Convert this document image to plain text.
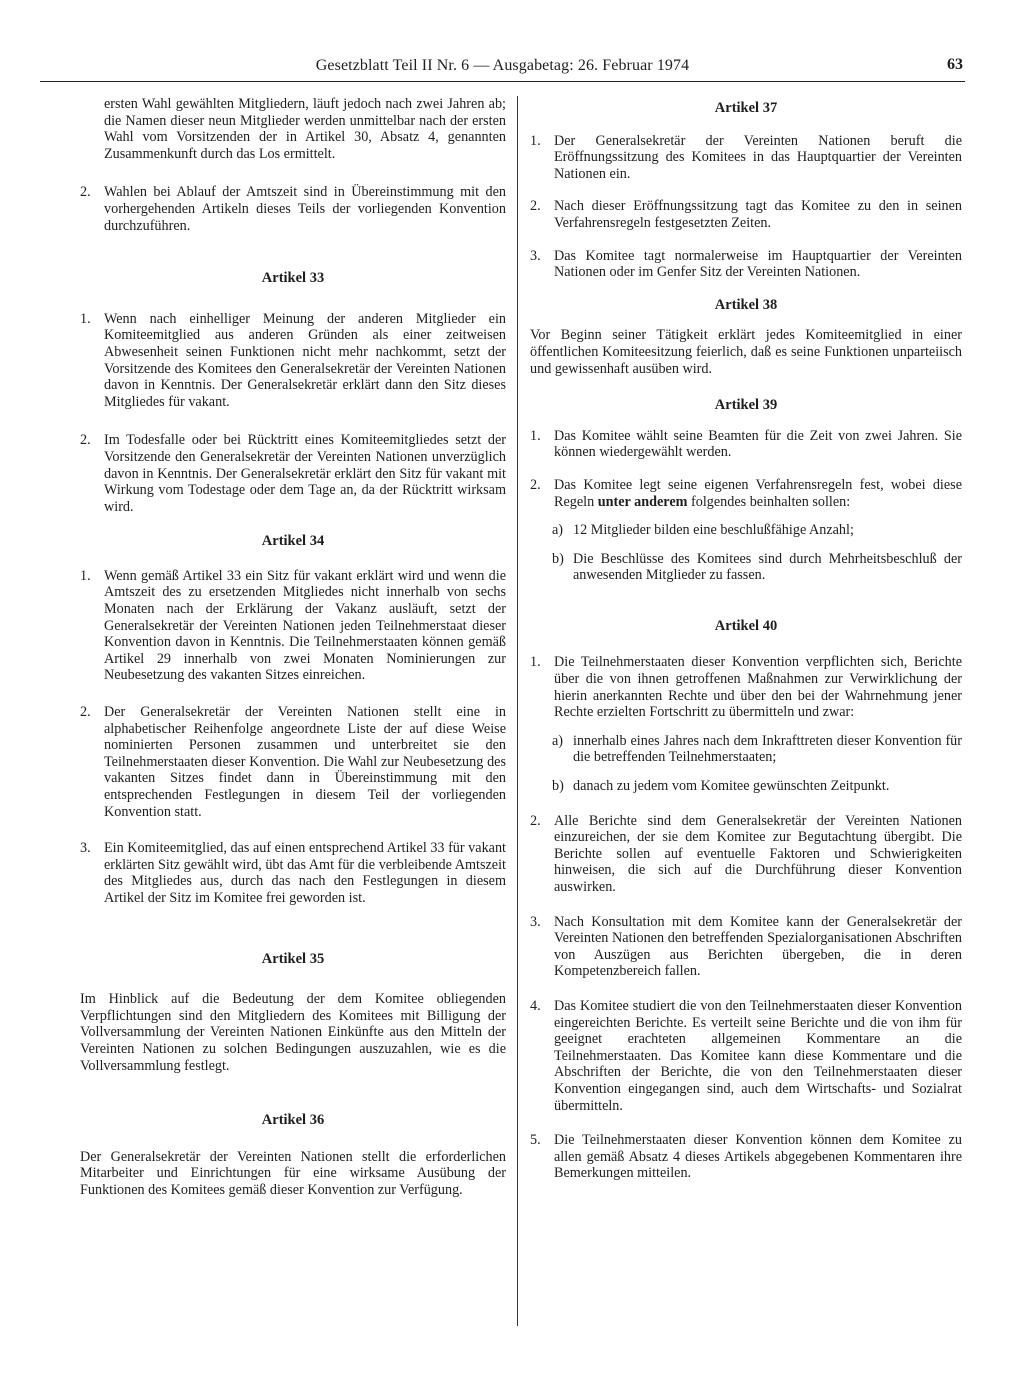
Gesetzblatt Teil II Nr. 6 — Ausgabetag: 26. Februar 1974	63
ersten Wahl gewählten Mitgliedern, läuft jedoch nach zwei Jahren ab; die Namen dieser neun Mitglieder werden unmittelbar nach der ersten Wahl vom Vorsitzenden der in Artikel 30, Absatz 4, genannten Zusammenkunft durch das Los ermittelt.
2. Wahlen bei Ablauf der Amtszeit sind in Übereinstimmung mit den vorhergehenden Artikeln dieses Teils der vorliegenden Konvention durchzuführen.
Artikel 33
1. Wenn nach einhelliger Meinung der anderen Mitglieder ein Komiteemitglied aus anderen Gründen als einer zeitweisen Abwesenheit seinen Funktionen nicht mehr nachkommt, setzt der Vorsitzende des Komitees den Generalsekretär der Vereinten Nationen davon in Kenntnis. Der Generalsekretär erklärt dann den Sitz dieses Mitgliedes für vakant.
2. Im Todesfalle oder bei Rücktritt eines Komiteemitgliedes setzt der Vorsitzende den Generalsekretär der Vereinten Nationen unverzüglich davon in Kenntnis. Der Generalsekretär erklärt den Sitz für vakant mit Wirkung vom Todestage oder dem Tage an, da der Rücktritt wirksam wird.
Artikel 34
1. Wenn gemäß Artikel 33 ein Sitz für vakant erklärt wird und wenn die Amtszeit des zu ersetzenden Mitgliedes nicht innerhalb von sechs Monaten nach der Erklärung der Vakanz ausläuft, setzt der Generalsekretär der Vereinten Nationen jeden Teilnehmerstaat dieser Konvention davon in Kenntnis. Die Teilnehmerstaaten können gemäß Artikel 29 innerhalb von zwei Monaten Nominierungen zur Neubesetzung des vakanten Sitzes einreichen.
2. Der Generalsekretär der Vereinten Nationen stellt eine in alphabetischer Reihenfolge angeordnete Liste der auf diese Weise nominierten Personen zusammen und unterbreitet sie den Teilnehmerstaaten dieser Konvention. Die Wahl zur Neubesetzung des vakanten Sitzes findet dann in Übereinstimmung mit den entsprechenden Festlegungen in diesem Teil der vorliegenden Konvention statt.
3. Ein Komiteemitglied, das auf einen entsprechend Artikel 33 für vakant erklärten Sitz gewählt wird, übt das Amt für die verbleibende Amtszeit des Mitgliedes aus, durch das nach den Festlegungen in diesem Artikel der Sitz im Komitee frei geworden ist.
Artikel 35
Im Hinblick auf die Bedeutung der dem Komitee obliegenden Verpflichtungen sind den Mitgliedern des Komitees mit Billigung der Vollversammlung der Vereinten Nationen Einkünfte aus den Mitteln der Vereinten Nationen zu solchen Bedingungen auszuzahlen, wie es die Vollversammlung festlegt.
Artikel 36
Der Generalsekretär der Vereinten Nationen stellt die erforderlichen Mitarbeiter und Einrichtungen für eine wirksame Ausübung der Funktionen des Komitees gemäß dieser Konvention zur Verfügung.
Artikel 37
1. Der Generalsekretär der Vereinten Nationen beruft die Eröffnungssitzung des Komitees in das Hauptquartier der Vereinten Nationen ein.
2. Nach dieser Eröffnungssitzung tagt das Komitee zu den in seinen Verfahrensregeln festgesetzten Zeiten.
3. Das Komitee tagt normalerweise im Hauptquartier der Vereinten Nationen oder im Genfer Sitz der Vereinten Nationen.
Artikel 38
Vor Beginn seiner Tätigkeit erklärt jedes Komiteemitglied in einer öffentlichen Komiteesitzung feierlich, daß es seine Funktionen unparteiisch und gewissenhaft ausüben wird.
Artikel 39
1. Das Komitee wählt seine Beamten für die Zeit von zwei Jahren. Sie können wiedergewählt werden.
2. Das Komitee legt seine eigenen Verfahrensregeln fest, wobei diese Regeln unter anderem folgendes beinhalten sollen:
a) 12 Mitglieder bilden eine beschlußfähige Anzahl;
b) Die Beschlüsse des Komitees sind durch Mehrheitsbeschluß der anwesenden Mitglieder zu fassen.
Artikel 40
1. Die Teilnehmerstaaten dieser Konvention verpflichten sich, Berichte über die von ihnen getroffenen Maßnahmen zur Verwirklichung der hierin anerkannten Rechte und über den bei der Wahrnehmung jener Rechte erzielten Fortschritt zu übermitteln und zwar:
a) innerhalb eines Jahres nach dem Inkrafttreten dieser Konvention für die betreffenden Teilnehmerstaaten;
b) danach zu jedem vom Komitee gewünschten Zeitpunkt.
2. Alle Berichte sind dem Generalsekretär der Vereinten Nationen einzureichen, der sie dem Komitee zur Begutachtung übergibt. Die Berichte sollen auf eventuelle Faktoren und Schwierigkeiten hinweisen, die sich auf die Durchführung dieser Konvention auswirken.
3. Nach Konsultation mit dem Komitee kann der Generalsekretär der Vereinten Nationen den betreffenden Spezialorganisationen Abschriften von Auszügen aus Berichten übergeben, die in deren Kompetenzbereich fallen.
4. Das Komitee studiert die von den Teilnehmerstaaten dieser Konvention eingereichten Berichte. Es verteilt seine Berichte und die von ihm für geeignet erachteten allgemeinen Kommentare an die Teilnehmerstaaten. Das Komitee kann diese Kommentare und die Abschriften der Berichte, die von den Teilnehmerstaaten dieser Konvention eingegangen sind, auch dem Wirtschafts- und Sozialrat übermitteln.
5. Die Teilnehmerstaaten dieser Konvention können dem Komitee zu allen gemäß Absatz 4 dieses Artikels abgegebenen Kommentaren ihre Bemerkungen mitteilen.
